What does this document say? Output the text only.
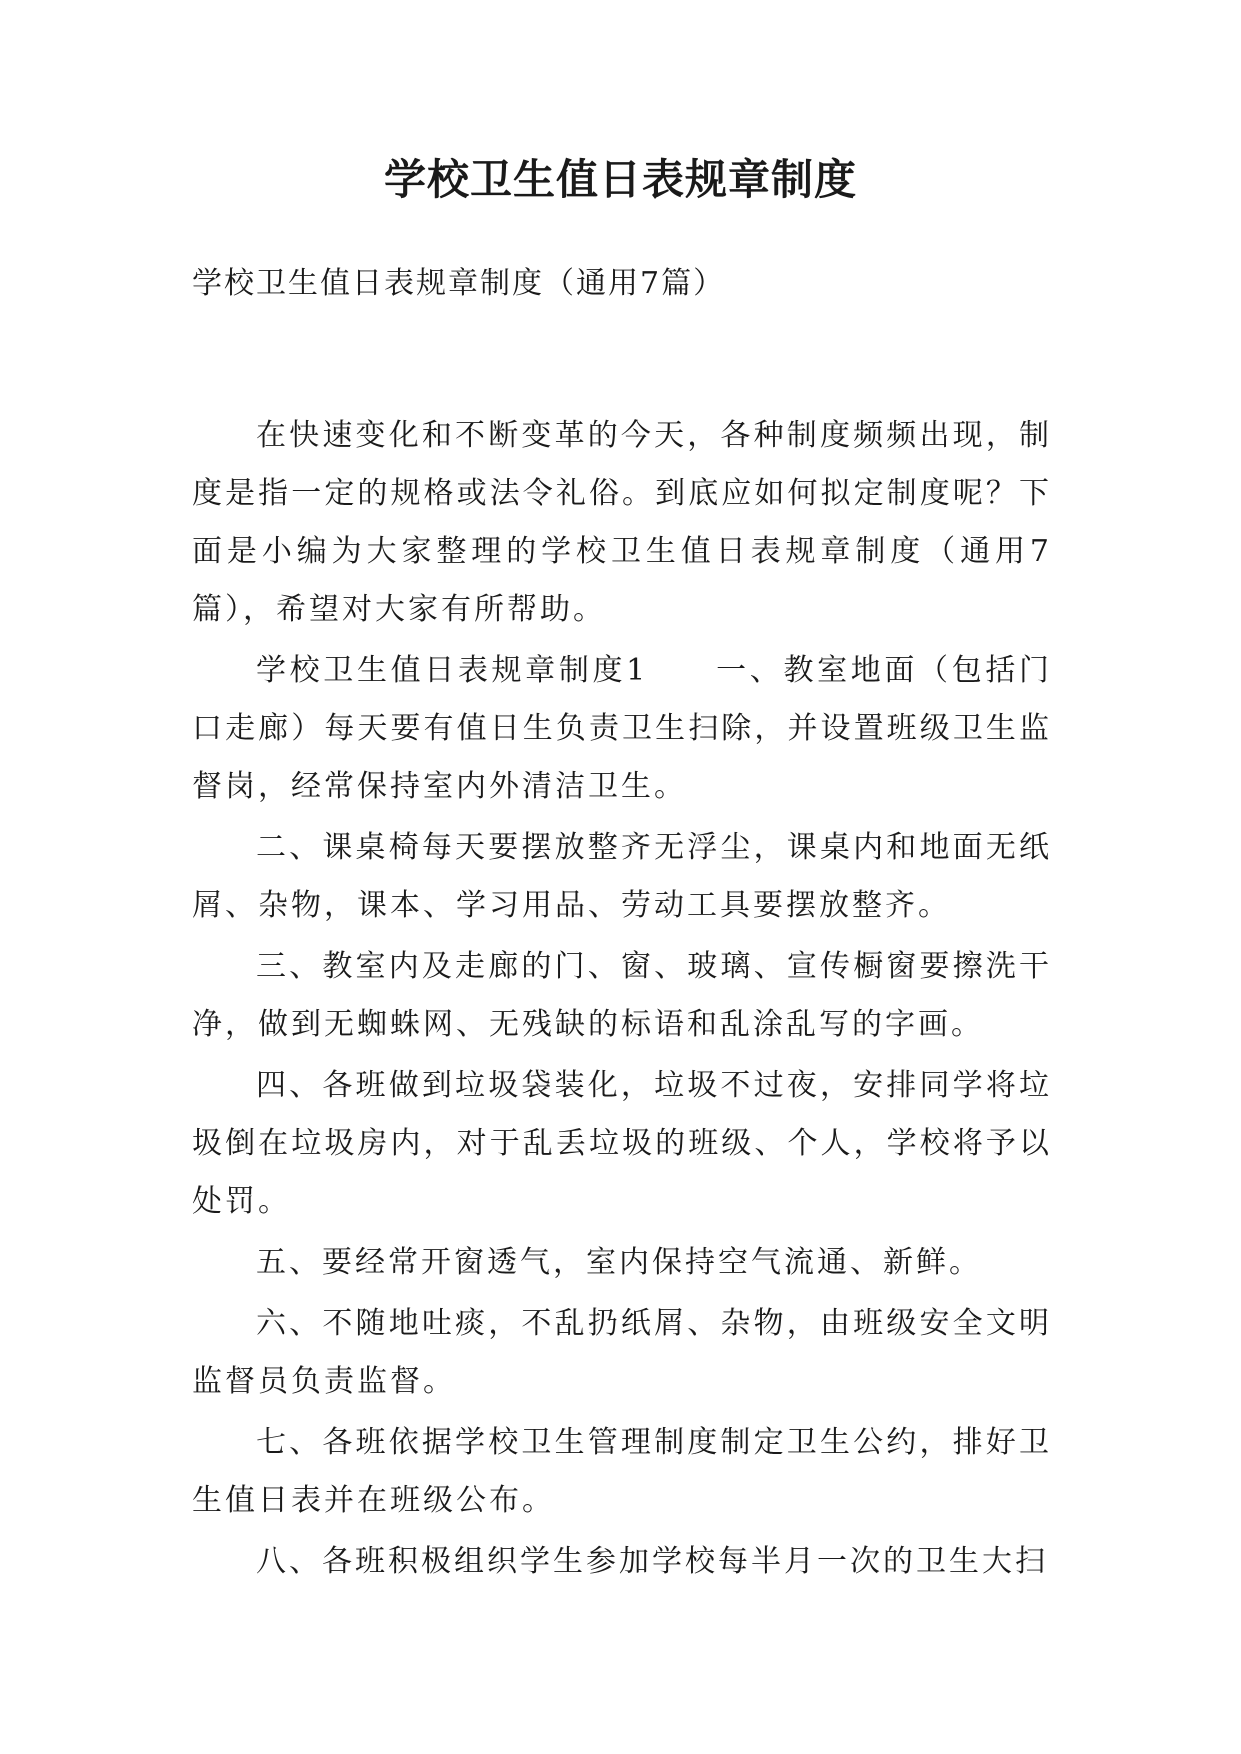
学校卫生值日表规章制度

学校卫生值日表规章制度（通用7篇）

在快速变化和不断变革的今天，各种制度频频出现，制度是指一定的规格或法令礼俗。到底应如何拟定制度呢？下面是小编为大家整理的学校卫生值日表规章制度（通用7篇），希望对大家有所帮助。

学校卫生值日表规章制度1　　一、教室地面（包括门口走廊）每天要有值日生负责卫生扫除，并设置班级卫生监督岗，经常保持室内外清洁卫生。

二、课桌椅每天要摆放整齐无浮尘，课桌内和地面无纸屑、杂物，课本、学习用品、劳动工具要摆放整齐。

三、教室内及走廊的门、窗、玻璃、宣传橱窗要擦洗干净，做到无蜘蛛网、无残缺的标语和乱涂乱写的字画。

四、各班做到垃圾袋装化，垃圾不过夜，安排同学将垃圾倒在垃圾房内，对于乱丢垃圾的班级、个人，学校将予以处罚。

五、要经常开窗透气，室内保持空气流通、新鲜。

六、不随地吐痰，不乱扔纸屑、杂物，由班级安全文明监督员负责监督。

七、各班依据学校卫生管理制度制定卫生公约，排好卫生值日表并在班级公布。

八、各班积极组织学生参加学校每半月一次的卫生大扫
